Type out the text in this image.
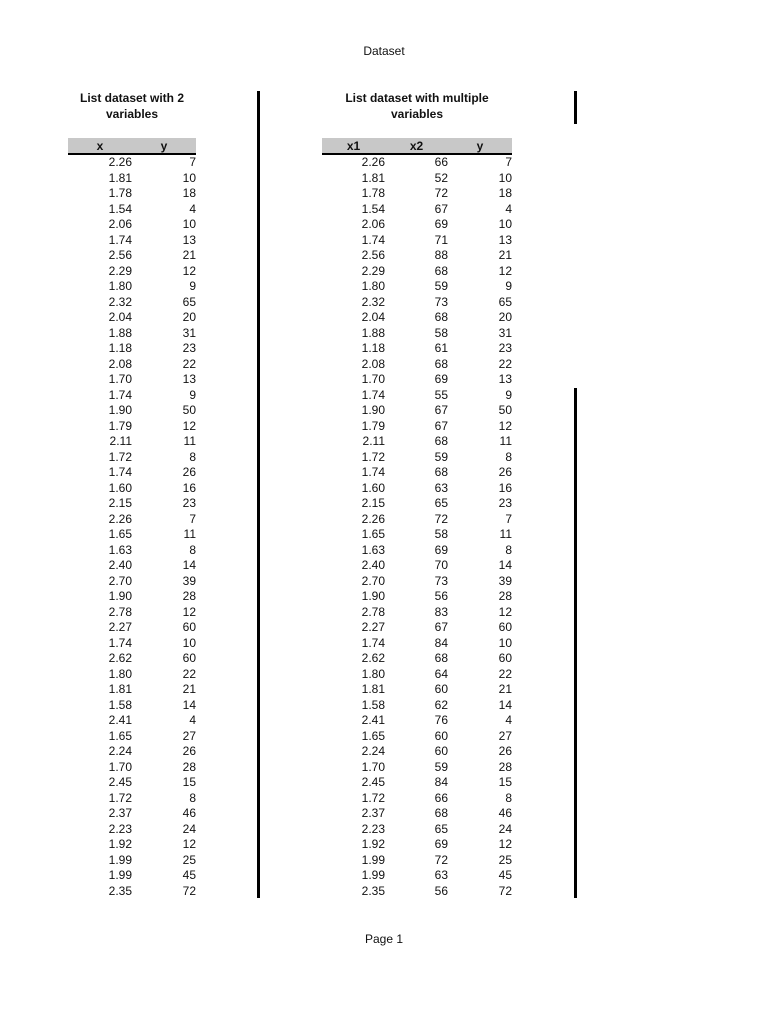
Dataset
List dataset with 2
variables
List dataset with multiple
variables
x	y
2.26	7
1.81	10
1.78	18
1.54	4
2.06	10
1.74	13
2.56	21
2.29	12
1.80	9
2.32	65
2.04	20
1.88	31
1.18	23
2.08	22
1.70	13
1.74	9
1.90	50
1.79	12
2.11	11
1.72	8
1.74	26
1.60	16
2.15	23
2.26	7
1.65	11
1.63	8
2.40	14
2.70	39
1.90	28
2.78	12
2.27	60
1.74	10
2.62	60
1.80	22
1.81	21
1.58	14
2.41	4
1.65	27
2.24	26
1.70	28
2.45	15
1.72	8
2.37	46
2.23	24
1.92	12
1.99	25
1.99	45
2.35	72
x1	x2	y
2.26	66	7
1.81	52	10
1.78	72	18
1.54	67	4
2.06	69	10
1.74	71	13
2.56	88	21
2.29	68	12
1.80	59	9
2.32	73	65
2.04	68	20
1.88	58	31
1.18	61	23
2.08	68	22
1.70	69	13
1.74	55	9
1.90	67	50
1.79	67	12
2.11	68	11
1.72	59	8
1.74	68	26
1.60	63	16
2.15	65	23
2.26	72	7
1.65	58	11
1.63	69	8
2.40	70	14
2.70	73	39
1.90	56	28
2.78	83	12
2.27	67	60
1.74	84	10
2.62	68	60
1.80	64	22
1.81	60	21
1.58	62	14
2.41	76	4
1.65	60	27
2.24	60	26
1.70	59	28
2.45	84	15
1.72	66	8
2.37	68	46
2.23	65	24
1.92	69	12
1.99	72	25
1.99	63	45
2.35	56	72
Page 1
